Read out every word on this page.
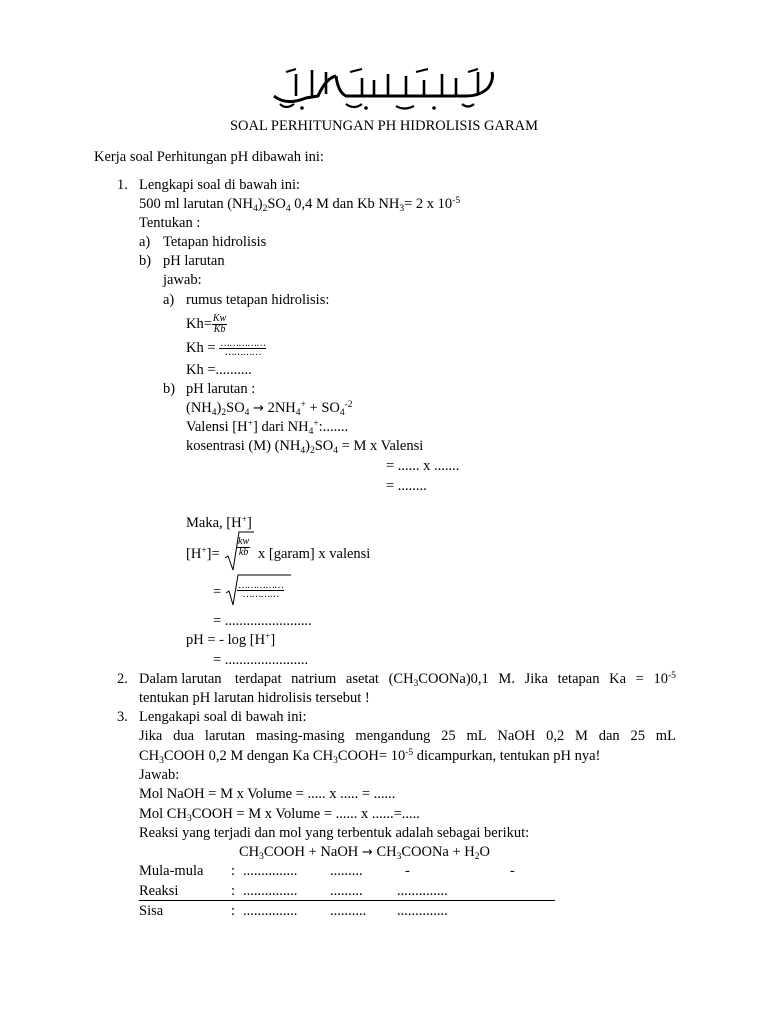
SOAL PERHITUNGAN PH HIDROLISIS GARAM
Kerja soal Perhitungan pH dibawah ini:
1. Lengkapi soal di bawah ini:
500 ml larutan $(NH_4)_2SO_4$ 0,4 M dan Kb $NH_3= 2$ x $10^{-5}$
Tentukan :
a) Tetapan hidrolisis
b) pH larutan
jawab:
a) rumus tetapan hidrolisis:
$Kh= \frac{Kw}{Kb}$
$Kh = \frac{\dots\dots\dots\dots\dots}{\dots\dots\dots\dots}$
Kh =..........
b) pH larutan :
$(NH_4)_2SO_4 \to 2NH_4^+ + SO_4^{-2}$
Valensi [H+] dari $NH_4^+$:.......
kosentrasi (M) $(NH_4)_2SO_4 = M$ x Valensi
= ...... x .......
= ........
Maka, [H+]
$[H^+]= \frac{kw}{kb}$ x [garam] x valensi
= $\frac{\dots\dots\dots\dots\dots}{\dots\dots\dots\dots}$
= ........................
pH = - log [H+]
= .......................
2. Dalam larutan terdapat natrium asetat $(CH_3COONa)0,1$ M. Jika tetapan $Ka = 10^{-5}$
tentukan pH larutan hidrolisis tersebut !
3. Lengakapi soal di bawah ini:
Jika dua larutan masing-masing mengandung 25 mL NaOH 0,2 M dan 25 mL
$CH_3COOH$ 0,2 M dengan Ka $CH_3COOH= 10^{-5}$ dicampurkan, tentukan pH nya!
Jawab:
Mol NaOH = M x Volume = ..... x ..... = ......
Mol $CH_3COOH = M$ x Volume = ...... x ......=.....
Reaksi yang terjadi dan mol yang terbentuk adalah sebagai berikut:
$CH_3COOH$ + NaOH → $CH_3COONa + H_2O$
Mula-mula : ............... .........	-	-
Reaksi	: ............... ......... ..............
Sisa	: ............... .......... ..............
